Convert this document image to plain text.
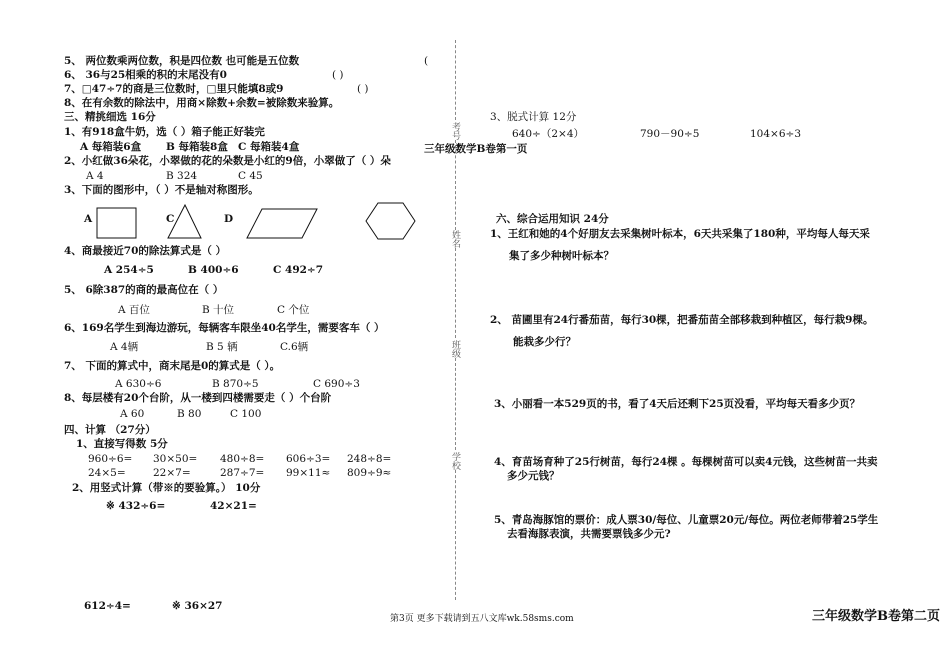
5、 两位数乘两位数，积是四位数 也可能是五位数	(
6、 36与25相乘的积的末尾没有0	( )
7、□47÷7的商是三位数时，□里只能填8或9	( )
8、在有余数的除法中，用商×除数+余数=被除数来验算。
三、精挑细选 16分
1、有918盒牛奶，选（ ）箱子能正好装完
A 每箱装6盒 B 每箱装8盒 C 每箱装4盒
2、小红做36朵花，小翠做的花的朵数是小红的9倍，小翠做了（ ）朵
A 4	B 324	C 45
3、下面的图形中，（ ）不是轴对称图形。
A	C	D
4、商最接近70的除法算式是（ ）
A 254÷5	B 400÷6	C 492÷7
5、 6除387的商的最高位在（ ）
A 百位	B 十位	C 个位
6、169名学生到海边游玩，每辆客车限坐40名学生，需要客车（ ）
A 4辆	B 5 辆	C.6辆
7、 下面的算式中，商末尾是0的算式是（ ）。
A 630÷6	B 870÷5	C 690÷3
8、每层楼有20个台阶，从一楼到四楼需要走（ ）个台阶
A 60	B 80	C 100
四、计算 （27分）
1、直接写得数 5分
960÷6= 30×50= 480÷8= 606÷3= 248÷8=
24×5=	22×7=	287÷7= 99×11≈ 809÷9≈
2、用竖式计算（带※的要验算。） 10分
※ 432÷6=	42×21=
612÷4=	※ 36×27
考号
姓名
班级
学校
三年级数学B卷第一页
3、脱式计算 12分
640÷（2×4）	790－90÷5	104×6÷3
六、综合运用知识 24分
1、王红和她的4个好朋友去采集树叶标本，6天共采集了180种，平均每人每天采
集了多少种树叶标本？
2、 苗圃里有24行番茄苗，每行30棵，把番茄苗全部移栽到种植区，每行栽9棵。
能栽多少行？
3、小丽看一本529页的书，看了4天后还剩下25页没看，平均每天看多少页？
4、育苗场育种了25行树苗，每行24棵 。每棵树苗可以卖4元钱，这些树苗一共卖
多少元钱？
5、青岛海豚馆的票价：成人票30/每位、儿童票20元/每位。两位老师带着25学生
去看海豚表演，共需要票钱多少元?
第3页 更多下载请到五八文库wk.58sms.com	三年级数学B卷第二页
